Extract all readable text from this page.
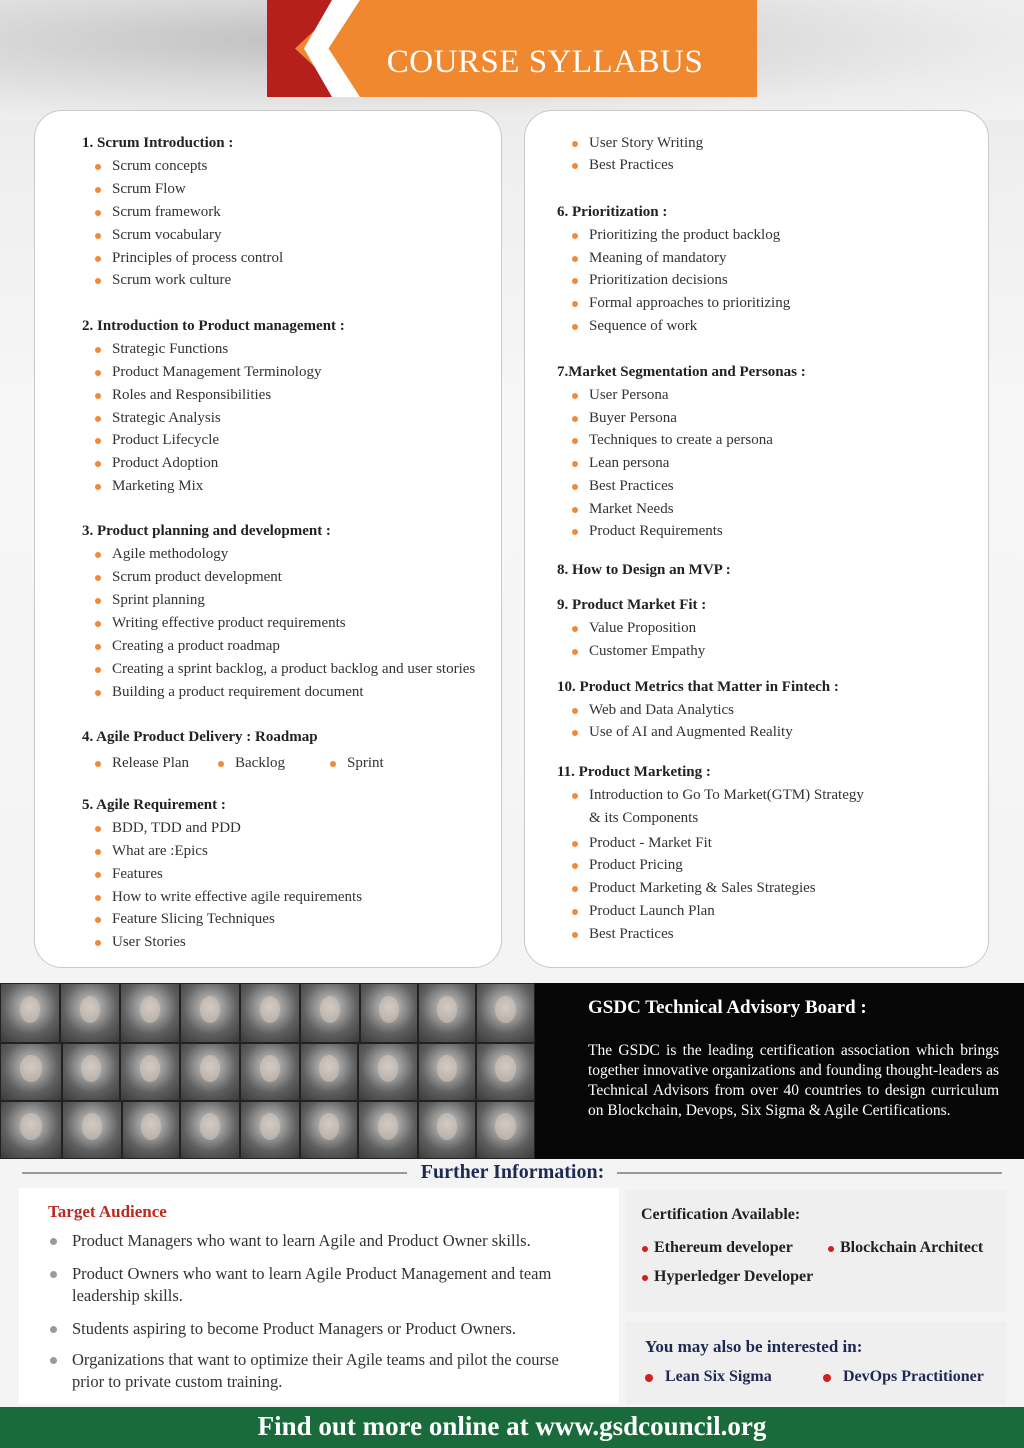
COURSE SYLLABUS
1. Scrum Introduction :
Scrum concepts
Scrum Flow
Scrum framework
Scrum vocabulary
Principles of process control
Scrum work culture
2. Introduction to Product management :
Strategic Functions
Product Management Terminology
Roles and Responsibilities
Strategic Analysis
Product Lifecycle
Product Adoption
Marketing Mix
3. Product planning and development :
Agile methodology
Scrum product development
Sprint planning
Writing effective product requirements
Creating a product roadmap
Creating a sprint backlog, a product backlog and user stories
Building a product requirement document
4. Agile Product Delivery : Roadmap
Release Plan	Backlog	Sprint
5. Agile Requirement :
BDD, TDD and PDD
What are :Epics
Features
How to write effective agile requirements
Feature Slicing Techniques
User Stories
User Story Writing
Best Practices
6. Prioritization :
Prioritizing the product backlog
Meaning of mandatory
Prioritization decisions
Formal approaches to prioritizing
Sequence of work
7.Market Segmentation and Personas :
User Persona
Buyer Persona
Techniques to create a persona
Lean persona
Best Practices
Market Needs
Product Requirements
8. How to Design an MVP :
9. Product Market Fit :
Value Proposition
Customer Empathy
10. Product Metrics that Matter in Fintech :
Web and Data Analytics
Use of AI and Augmented Reality
11. Product Marketing :
Introduction to Go To Market(GTM) Strategy
& its Components
Product - Market Fit
Product Pricing
Product Marketing & Sales Strategies
Product Launch Plan
Best Practices
GSDC Technical Advisory Board :
The GSDC is the leading certification association which brings together innovative organizations and founding thought-leaders as Technical Advisors from over 40 countries to design curriculum on Blockchain, Devops, Six Sigma & Agile Certifications.
Further Information:
Target Audience
Product Managers who want to learn Agile and Product Owner skills.
Product Owners who want to learn Agile Product Management and team leadership skills.
Students aspiring to become Product Managers or Product Owners.
Organizations that want to optimize their Agile teams and pilot the course prior to private custom training.
Certification Available:
Ethereum developer	Blockchain Architect
Hyperledger Developer
You may also be interested in:
Lean Six Sigma	DevOps Practitioner
Find out more online at www.gsdcouncil.org
